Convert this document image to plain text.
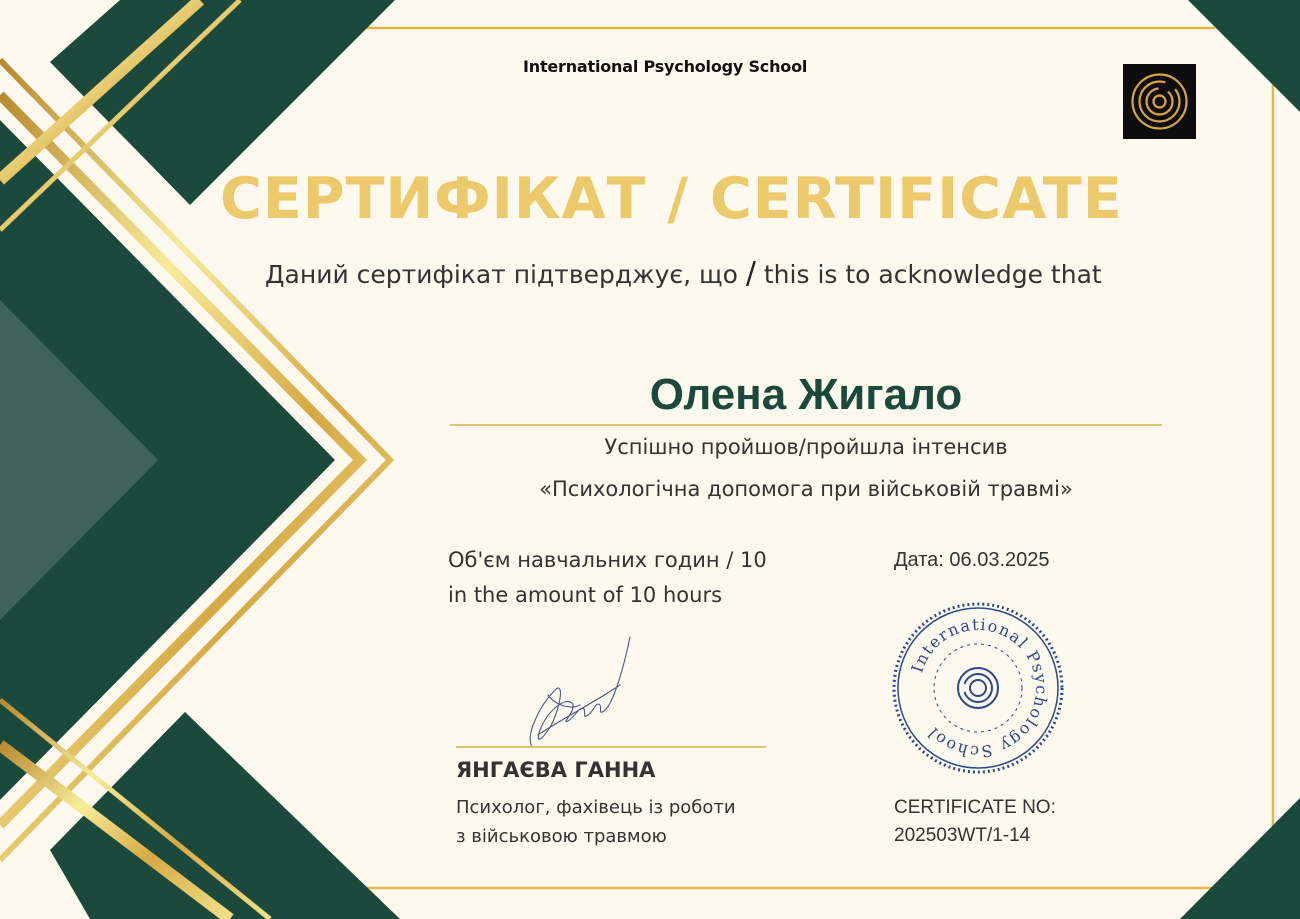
International Psychology School
СЕРТИФІКАТ / CERTIFICATE
Даний сертифікат підтверджує, що / this is to acknowledge that
Олена Жигало
Успішно пройшов/пройшла інтенсив
«Психологічна допомога при військовій травмі»
Об'єм навчальних годин / 10
in the amount of 10 hours
Дата: 06.03.2025
ЯНГАЄВА ГАННА
Психолог, фахівець із роботи
з військовою травмою
International Psychology School
CERTIFICATE NO:
202503WT/1-14
